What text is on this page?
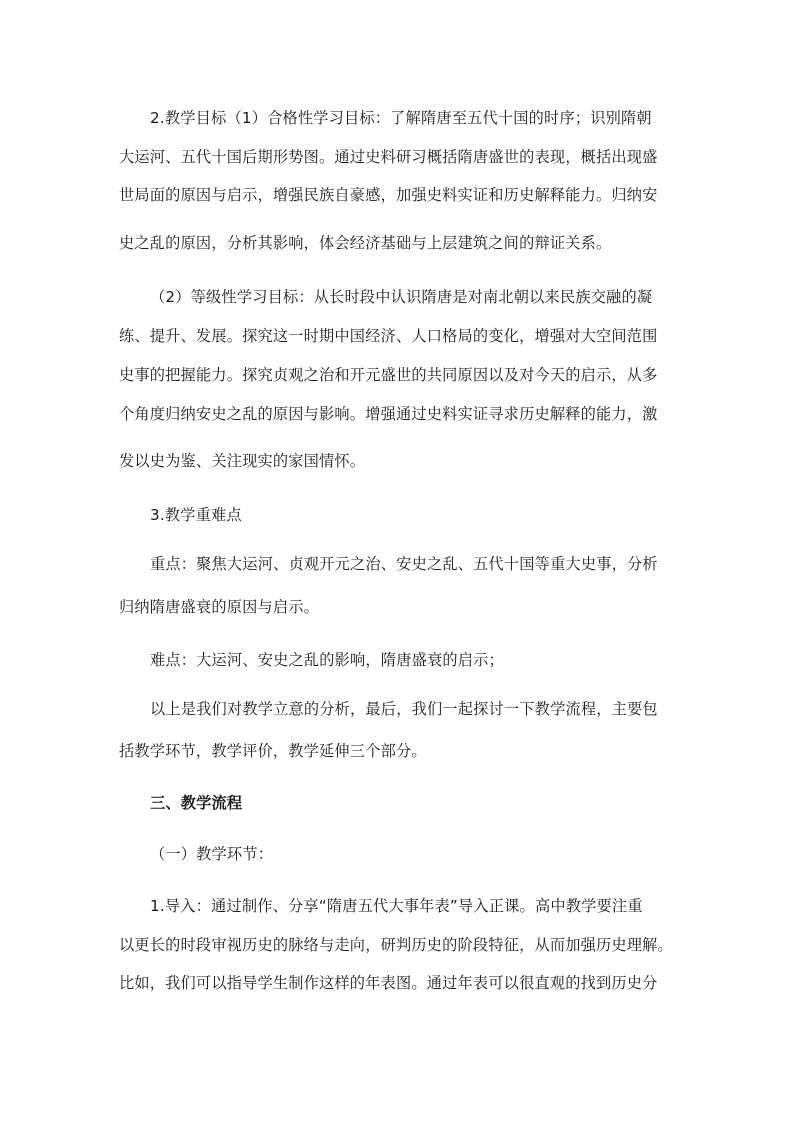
2.教学目标（1）合格性学习目标：了解隋唐至五代十国的时序；识别隋朝
大运河、五代十国后期形势图。通过史料研习概括隋唐盛世的表现，概括出现盛
世局面的原因与启示，增强民族自豪感，加强史料实证和历史解释能力。归纳安
史之乱的原因，分析其影响，体会经济基础与上层建筑之间的辩证关系。
（2）等级性学习目标：从长时段中认识隋唐是对南北朝以来民族交融的凝
练、提升、发展。探究这一时期中国经济、人口格局的变化，增强对大空间范围
史事的把握能力。探究贞观之治和开元盛世的共同原因以及对今天的启示，从多
个角度归纳安史之乱的原因与影响。增强通过史料实证寻求历史解释的能力，激
发以史为鉴、关注现实的家国情怀。
3.教学重难点
重点：聚焦大运河、贞观开元之治、安史之乱、五代十国等重大史事，分析
归纳隋唐盛衰的原因与启示。
难点：大运河、安史之乱的影响，隋唐盛衰的启示；
以上是我们对教学立意的分析，最后，我们一起探讨一下教学流程，主要包
括教学环节，教学评价，教学延伸三个部分。
三、教学流程
（一）教学环节：
1.导入：通过制作、分享“隋唐五代大事年表”导入正课。高中教学要注重
以更长的时段审视历史的脉络与走向，研判历史的阶段特征，从而加强历史理解。
比如，我们可以指导学生制作这样的年表图。通过年表可以很直观的找到历史分
